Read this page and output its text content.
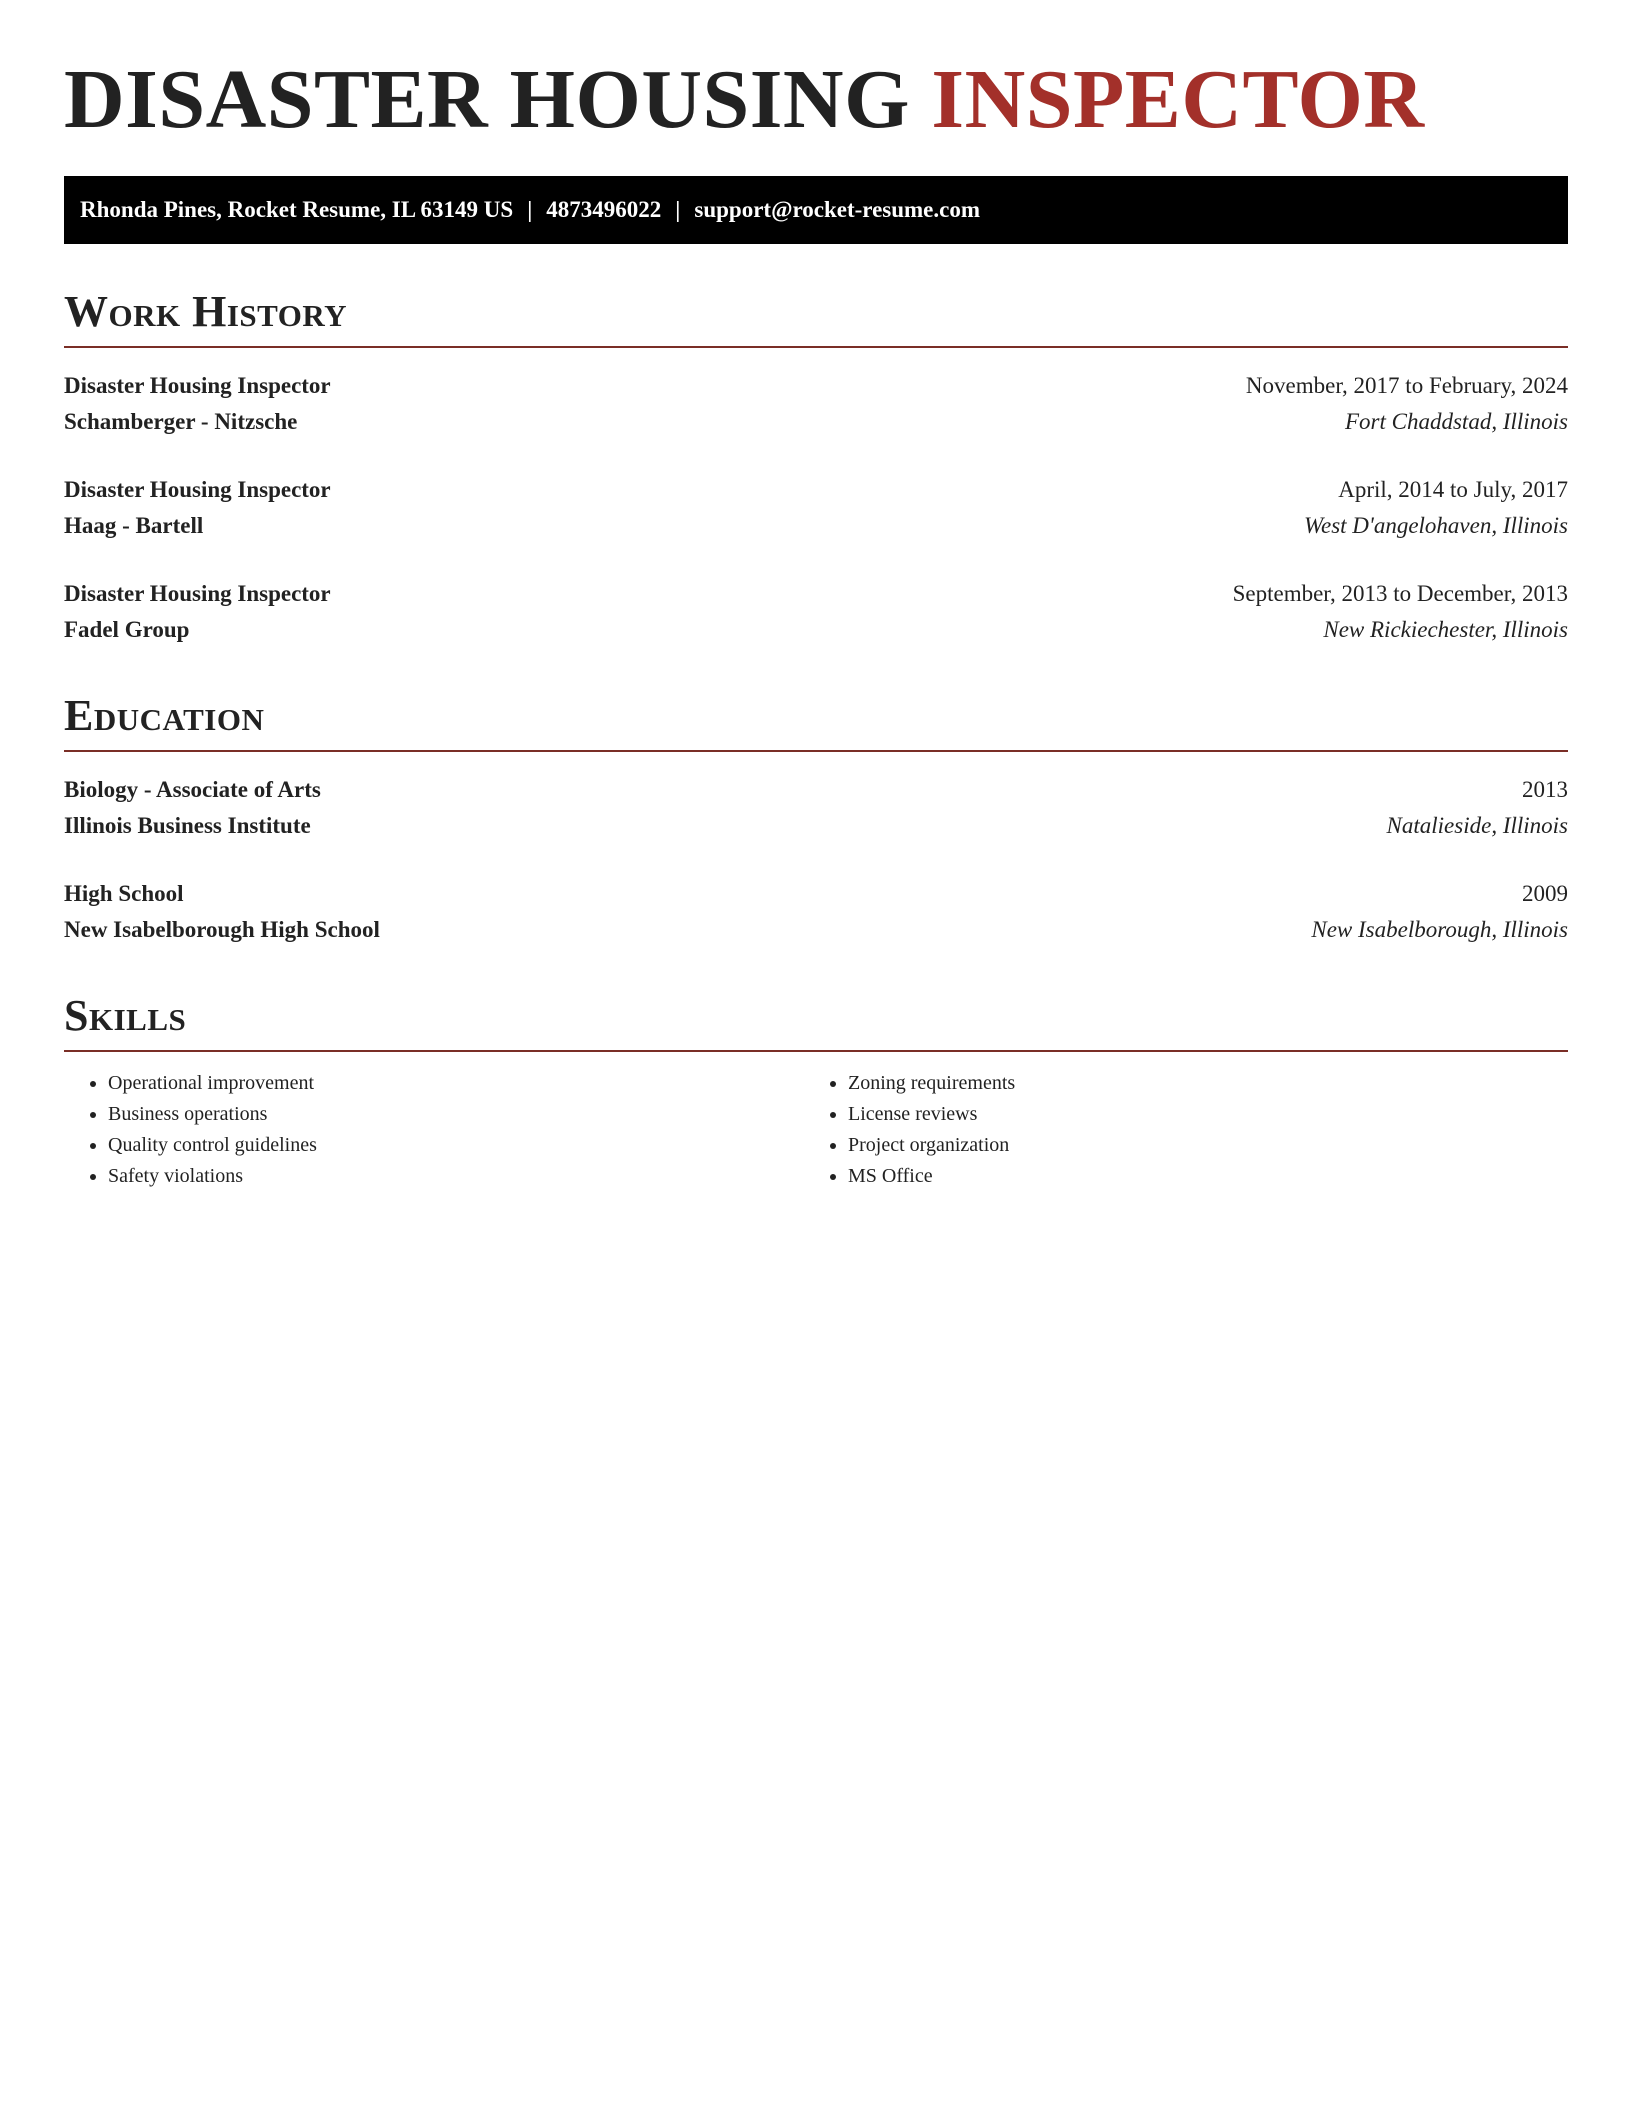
DISASTER HOUSING INSPECTOR
Rhonda Pines, Rocket Resume, IL 63149 US | 4873496022 | support@rocket-resume.com
Work History
Disaster Housing Inspector	November, 2017 to February, 2024
Schamberger - Nitzsche	Fort Chaddstad, Illinois
Disaster Housing Inspector	April, 2014 to July, 2017
Haag - Bartell	West D'angelohaven, Illinois
Disaster Housing Inspector	September, 2013 to December, 2013
Fadel Group	New Rickiechester, Illinois
Education
Biology - Associate of Arts	2013
Illinois Business Institute	Natalieside, Illinois
High School	2009
New Isabelborough High School	New Isabelborough, Illinois
Skills
• Operational improvement
• Business operations
• Quality control guidelines
• Safety violations
• Zoning requirements
• License reviews
• Project organization
• MS Office
